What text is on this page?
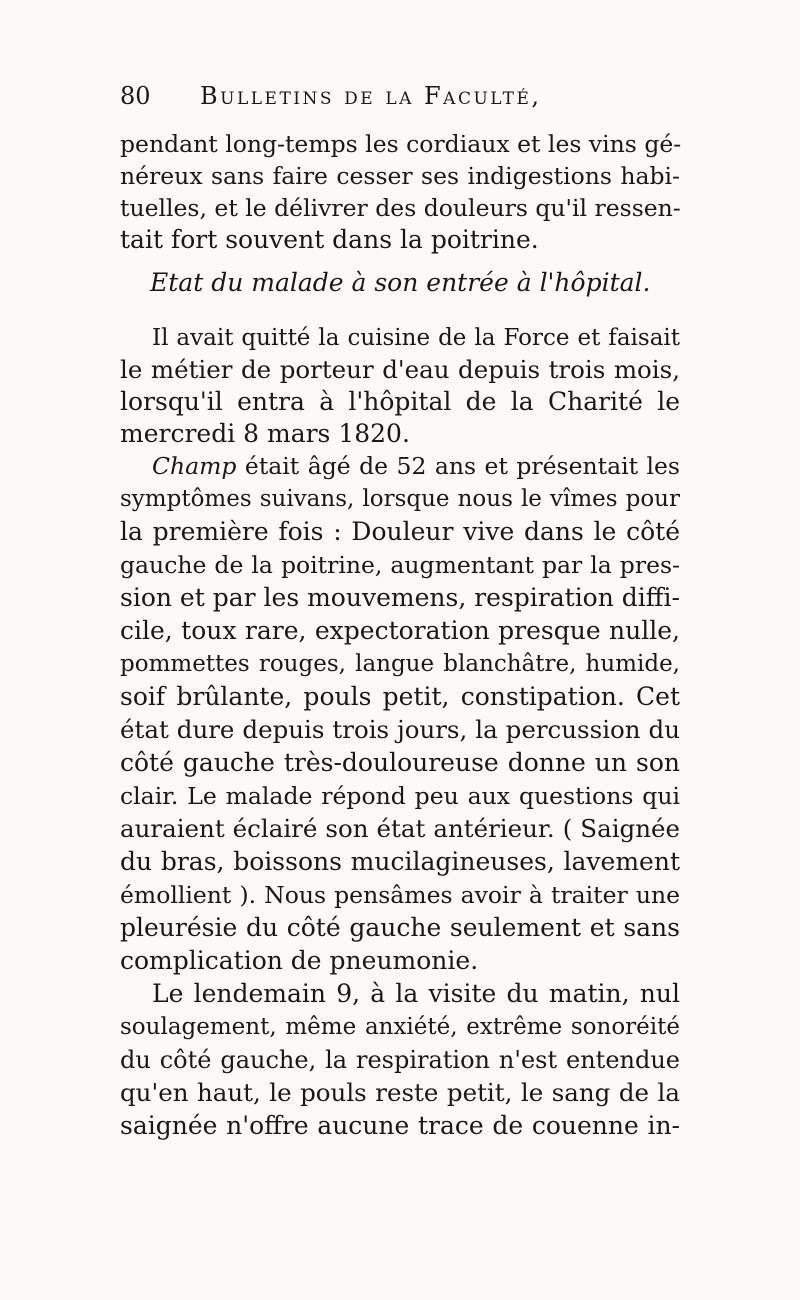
80 Bulletins de la Faculté,
pendant long-temps les cordiaux et les vins gé-
néreux sans faire cesser ses indigestions habi-
tuelles, et le délivrer des douleurs qu'il ressen-
tait fort souvent dans la poitrine.
Etat du malade à son entrée à l'hôpital.
Il avait quitté la cuisine de la Force et faisait
le métier de porteur d'eau depuis trois mois,
lorsqu'il entra à l'hôpital de la Charité le
mercredi 8 mars 1820.
Champ était âgé de 52 ans et présentait les
symptômes suivans, lorsque nous le vîmes pour
la première fois : Douleur vive dans le côté
gauche de la poitrine, augmentant par la pres-
sion et par les mouvemens, respiration diffi-
cile, toux rare, expectoration presque nulle,
pommettes rouges, langue blanchâtre, humide,
soif brûlante, pouls petit, constipation. Cet
état dure depuis trois jours, la percussion du
côté gauche très-douloureuse donne un son
clair. Le malade répond peu aux questions qui
auraient éclairé son état antérieur. ( Saignée
du bras, boissons mucilagineuses, lavement
émollient ). Nous pensâmes avoir à traiter une
pleurésie du côté gauche seulement et sans
complication de pneumonie.
Le lendemain 9, à la visite du matin, nul
soulagement, même anxiété, extrême sonoréité
du côté gauche, la respiration n'est entendue
qu'en haut, le pouls reste petit, le sang de la
saignée n'offre aucune trace de couenne in-
